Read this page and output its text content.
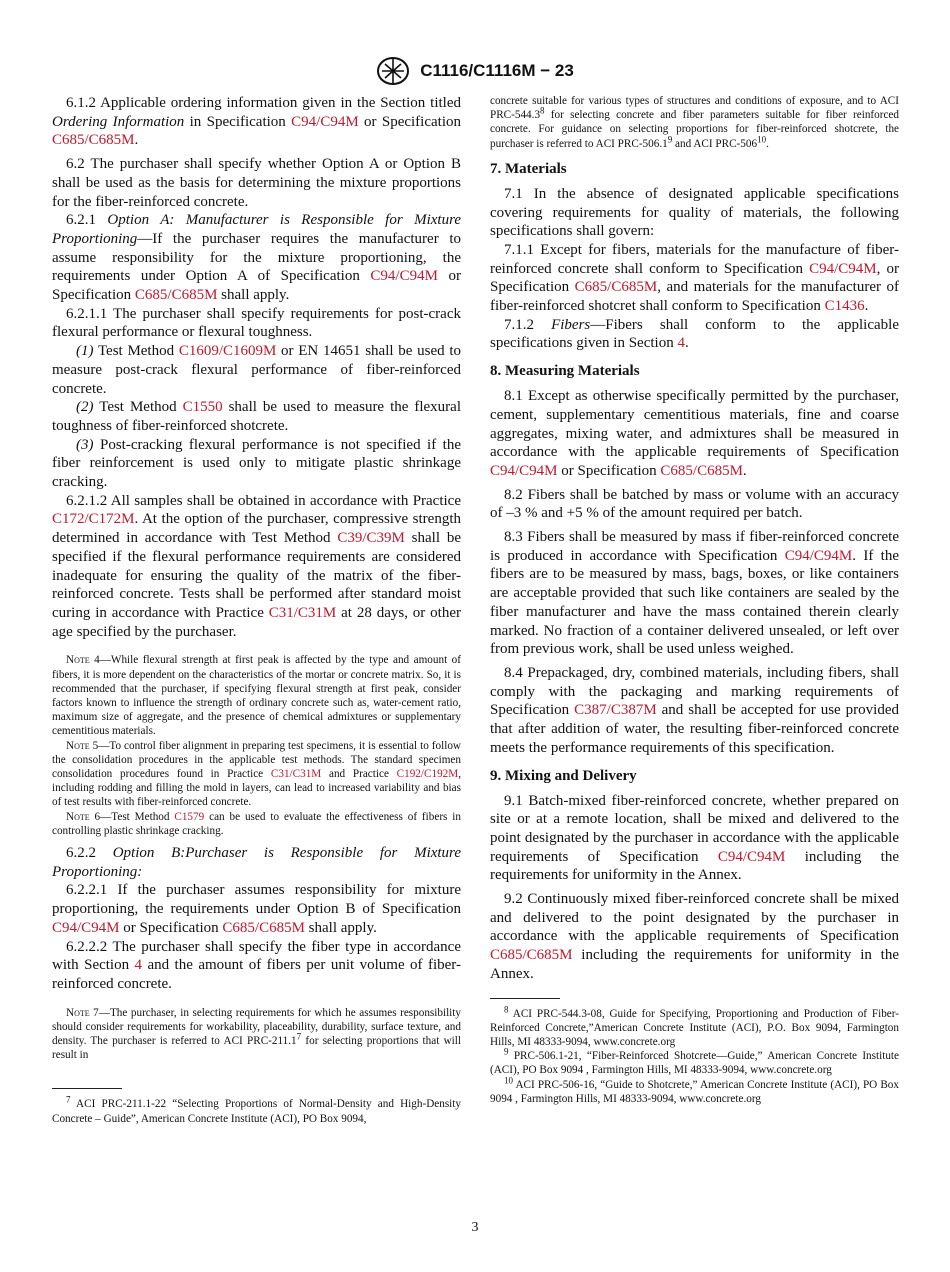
C1116/C1116M − 23

6.1.2 Applicable ordering information given in the Section titled Ordering Information in Specification C94/C94M or Specification C685/C685M.

6.2 The purchaser shall specify whether Option A or Option B shall be used as the basis for determining the mixture proportions for the fiber-reinforced concrete.

6.2.1 Option A: Manufacturer is Responsible for Mixture Proportioning—If the purchaser requires the manufacturer to assume responsibility for the mixture proportioning, the requirements under Option A of Specification C94/C94M or Specification C685/C685M shall apply.

6.2.1.1 The purchaser shall specify requirements for post-crack flexural performance or flexural toughness.

(1) Test Method C1609/C1609M or EN 14651 shall be used to measure post-crack flexural performance of fiber-reinforced concrete.

(2) Test Method C1550 shall be used to measure the flexural toughness of fiber-reinforced shotcrete.

(3) Post-cracking flexural performance is not specified if the fiber reinforcement is used only to mitigate plastic shrinkage cracking.

6.2.1.2 All samples shall be obtained in accordance with Practice C172/C172M. At the option of the purchaser, compressive strength determined in accordance with Test Method C39/C39M shall be specified if the flexural performance requirements are considered inadequate for ensuring the quality of the matrix of the fiber-reinforced concrete. Tests shall be performed after standard moist curing in accordance with Practice C31/C31M at 28 days, or other age specified by the purchaser.

Note 4—While flexural strength at first peak is affected by the type and amount of fibers, it is more dependent on the characteristics of the mortar or concrete matrix. So, it is recommended that the purchaser, if specifying flexural strength at first peak, consider factors known to influence the strength of ordinary concrete such as, water-cement ratio, maximum size of aggregate, and the presence of chemical admixtures or supplementary cementitious materials.

Note 5—To control fiber alignment in preparing test specimens, it is essential to follow the consolidation procedures in the applicable test methods. The standard specimen consolidation procedures found in Practice C31/C31M and Practice C192/C192M, including rodding and filling the mold in layers, can lead to increased variability and bias of test results with fiber-reinforced concrete.

Note 6—Test Method C1579 can be used to evaluate the effectiveness of fibers in controlling plastic shrinkage cracking.

6.2.2 Option B:Purchaser is Responsible for Mixture Proportioning:

6.2.2.1 If the purchaser assumes responsibility for mixture proportioning, the requirements under Option B of Specification C94/C94M or Specification C685/C685M shall apply.

6.2.2.2 The purchaser shall specify the fiber type in accordance with Section 4 and the amount of fibers per unit volume of fiber-reinforced concrete.

Note 7—The purchaser, in selecting requirements for which he assumes responsibility should consider requirements for workability, placeability, durability, surface texture, and density. The purchaser is referred to ACI PRC-211.1$^7$ for selecting proportions that will result in

$^7$ ACI PRC-211.1-22 “Selecting Proportions of Normal-Density and High-Density Concrete – Guide”, American Concrete Institute (ACI), PO Box 9094,

concrete suitable for various types of structures and conditions of exposure, and to ACI PRC-544.3$^8$ for selecting concrete and fiber parameters suitable for fiber reinforced concrete. For guidance on selecting proportions for fiber-reinforced shotcrete, the purchaser is referred to ACI PRC-506.1$^9$ and ACI PRC-$506^{10}$.

7. Materials

7.1 In the absence of designated applicable specifications covering requirements for quality of materials, the following specifications shall govern:

7.1.1 Except for fibers, materials for the manufacture of fiber-reinforced concrete shall conform to Specification C94/C94M, or Specification C685/C685M, and materials for the manufacturer of fiber-reinforced shotcret shall conform to Specification C1436.

7.1.2 Fibers—Fibers shall conform to the applicable specifications given in Section 4.

8. Measuring Materials

8.1 Except as otherwise specifically permitted by the purchaser, cement, supplementary cementitious materials, fine and coarse aggregates, mixing water, and admixtures shall be measured in accordance with the applicable requirements of Specification C94/C94M or Specification C685/C685M.

8.2 Fibers shall be batched by mass or volume with an accuracy of –3 % and +5 % of the amount required per batch.

8.3 Fibers shall be measured by mass if fiber-reinforced concrete is produced in accordance with Specification C94/C94M. If the fibers are to be measured by mass, bags, boxes, or like containers are acceptable provided that such like containers are sealed by the fiber manufacturer and have the mass contained therein clearly marked. No fraction of a container delivered unsealed, or left over from previous work, shall be used unless weighed.

8.4 Prepackaged, dry, combined materials, including fibers, shall comply with the packaging and marking requirements of Specification C387/C387M and shall be accepted for use provided that after addition of water, the resulting fiber-reinforced concrete meets the performance requirements of this specification.

9. Mixing and Delivery

9.1 Batch-mixed fiber-reinforced concrete, whether prepared on site or at a remote location, shall be mixed and delivered to the point designated by the purchaser in accordance with the applicable requirements of Specification C94/C94M including the requirements for uniformity in the Annex.

9.2 Continuously mixed fiber-reinforced concrete shall be mixed and delivered to the point designated by the purchaser in accordance with the applicable requirements of Specification C685/C685M including the requirements for uniformity in the Annex.

$^8$ ACI PRC-544.3-08, Guide for Specifying, Proportioning and Production of Fiber-Reinforced Concrete,”American Concrete Institute (ACI), P.O. Box 9094, Farmington Hills, MI 48333-9094, www.concrete.org

$^9$ PRC-506.1-21, “Fiber-Reinforced Shotcrete—Guide,” American Concrete Institute (ACI), PO Box 9094 , Farmington Hills, MI 48333-9094, www.concrete.org

$^{10}$ ACI PRC-506-16, “Guide to Shotcrete,” American Concrete Institute (ACI), PO Box 9094 , Farmington Hills, MI 48333-9094, www.concrete.org

3
